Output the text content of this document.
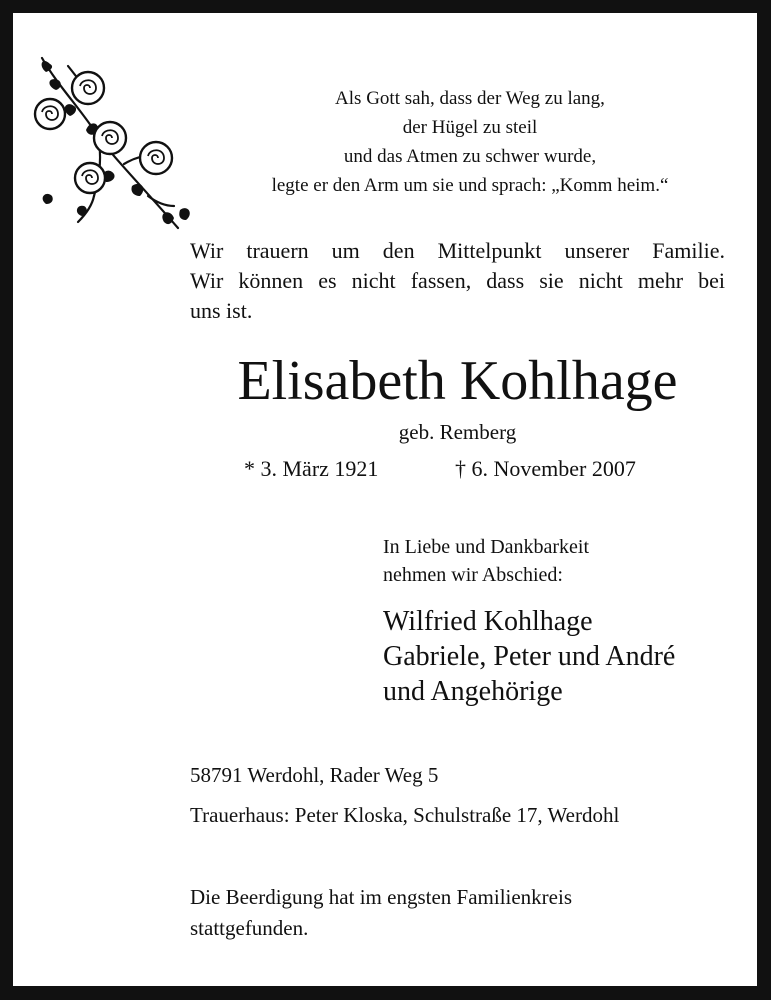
Als Gott sah, dass der Weg zu lang,
der Hügel zu steil
und das Atmen zu schwer wurde,
legte er den Arm um sie und sprach: „Komm heim.“
Wir trauern um den Mittelpunkt unserer Familie.
Wir können es nicht fassen, dass sie nicht mehr bei
uns ist.
Elisabeth Kohlhage
geb. Remberg
* 3. März 1921	† 6. November 2007
In Liebe und Dankbarkeit
nehmen wir Abschied:
Wilfried Kohlhage
Gabriele, Peter und André
und Angehörige
58791 Werdohl, Rader Weg 5
Trauerhaus: Peter Kloska, Schulstraße 17, Werdohl
Die Beerdigung hat im engsten Familienkreis
stattgefunden.
